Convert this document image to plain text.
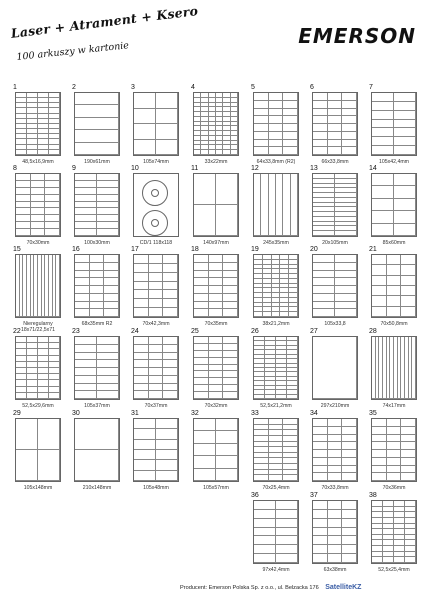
Laser + Atrament + Ksero
100 arkuszy w kartonie
EMERSON
1
48,5x16,9mm
2
190x61mm
3
105x74mm
4
33x22mm
5
64x33,8mm (R2)
6
66x33,8mm
7
105x42,4mm
8
70x30mm
9
100x30mm
10
CD/1 118x118
11
140x97mm
12
245x35mm
13
20x105mm
14
85x60mm
15
Nieregularny 18x71/22,5x71
16
68x35mm R2
17
70x42,3mm
18
70x35mm
19
38x21,2mm
20
105x33,8
21
70x50,8mm
22
52,5x29,6mm
23
105x37mm
24
70x37mm
25
70x32mm
26
52,5x21,2mm
27
297x210mm
28
74x17mm
29
105x148mm
30
210x148mm
31
105x48mm
32
105x57mm
33
70x25,4mm
34
70x33,8mm
35
70x36mm
36
97x42,4mm
37
63x38mm
38
52,5x25,4mm
Producent: Emerson Polska Sp. z o.o., ul. Belzacka 176 SatelliteKZ
